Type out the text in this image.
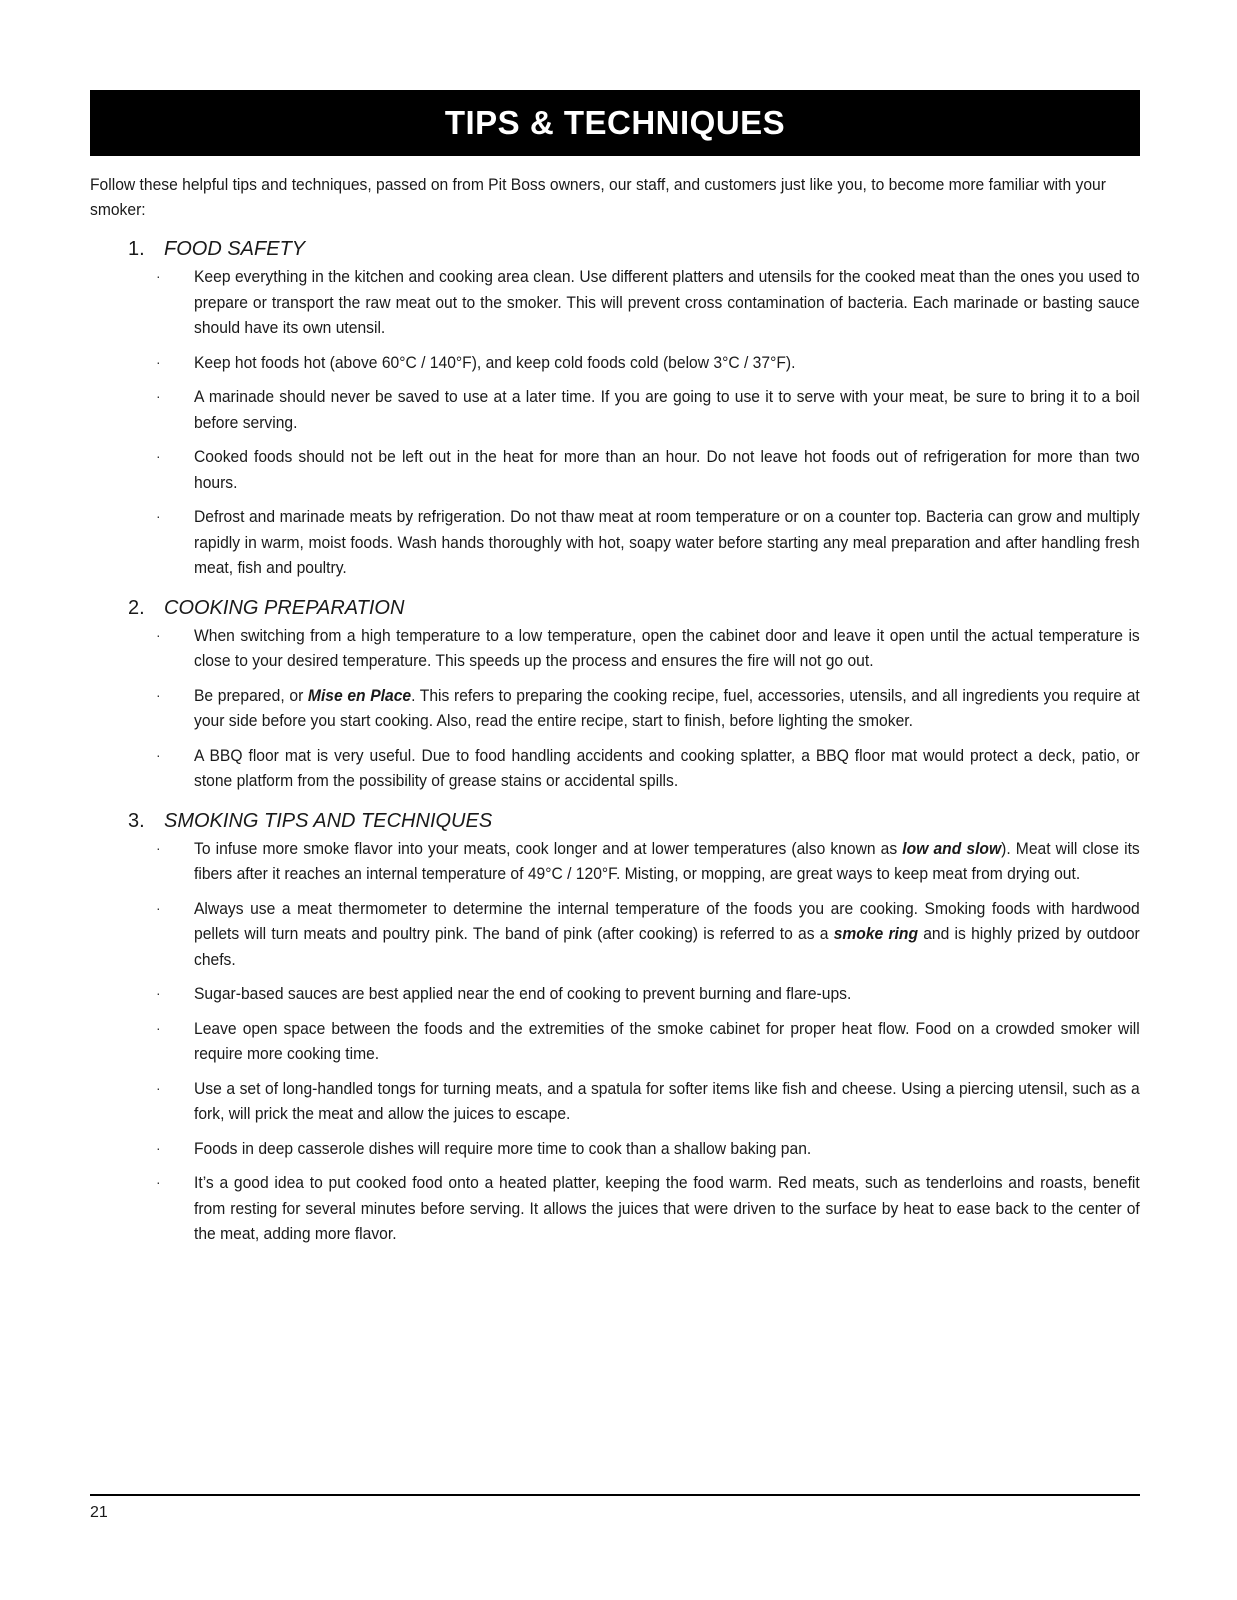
TIPS & TECHNIQUES

Follow these helpful tips and techniques, passed on from Pit Boss owners, our staff, and customers just like you, to become more familiar with your smoker:

1. FOOD SAFETY
· Keep everything in the kitchen and cooking area clean. Use different platters and utensils for the cooked meat than the ones you used to prepare or transport the raw meat out to the smoker. This will prevent cross contamination of bacteria. Each marinade or basting sauce should have its own utensil.
· Keep hot foods hot (above 60°C / 140°F), and keep cold foods cold (below 3°C / 37°F).
· A marinade should never be saved to use at a later time. If you are going to use it to serve with your meat, be sure to bring it to a boil before serving.
· Cooked foods should not be left out in the heat for more than an hour. Do not leave hot foods out of refrigeration for more than two hours.
· Defrost and marinade meats by refrigeration. Do not thaw meat at room temperature or on a counter top. Bacteria can grow and multiply rapidly in warm, moist foods. Wash hands thoroughly with hot, soapy water before starting any meal preparation and after handling fresh meat, fish and poultry.
2. COOKING PREPARATION
· When switching from a high temperature to a low temperature, open the cabinet door and leave it open until the actual temperature is close to your desired temperature. This speeds up the process and ensures the fire will not go out.
· Be prepared, or Mise en Place. This refers to preparing the cooking recipe, fuel, accessories, utensils, and all ingredients you require at your side before you start cooking. Also, read the entire recipe, start to finish, before lighting the smoker.
· A BBQ floor mat is very useful. Due to food handling accidents and cooking splatter, a BBQ floor mat would protect a deck, patio, or stone platform from the possibility of grease stains or accidental spills.
3. SMOKING TIPS AND TECHNIQUES
· To infuse more smoke flavor into your meats, cook longer and at lower temperatures (also known as low and slow). Meat will close its fibers after it reaches an internal temperature of 49°C / 120°F. Misting, or mopping, are great ways to keep meat from drying out.
· Always use a meat thermometer to determine the internal temperature of the foods you are cooking. Smoking foods with hardwood pellets will turn meats and poultry pink. The band of pink (after cooking) is referred to as a smoke ring and is highly prized by outdoor chefs.
· Sugar-based sauces are best applied near the end of cooking to prevent burning and flare-ups.
· Leave open space between the foods and the extremities of the smoke cabinet for proper heat flow. Food on a crowded smoker will require more cooking time.
· Use a set of long-handled tongs for turning meats, and a spatula for softer items like fish and cheese. Using a piercing utensil, such as a fork, will prick the meat and allow the juices to escape.
· Foods in deep casserole dishes will require more time to cook than a shallow baking pan.
· It’s a good idea to put cooked food onto a heated platter, keeping the food warm. Red meats, such as tenderloins and roasts, benefit from resting for several minutes before serving. It allows the juices that were driven to the surface by heat to ease back to the center of the meat, adding more flavor.
21
